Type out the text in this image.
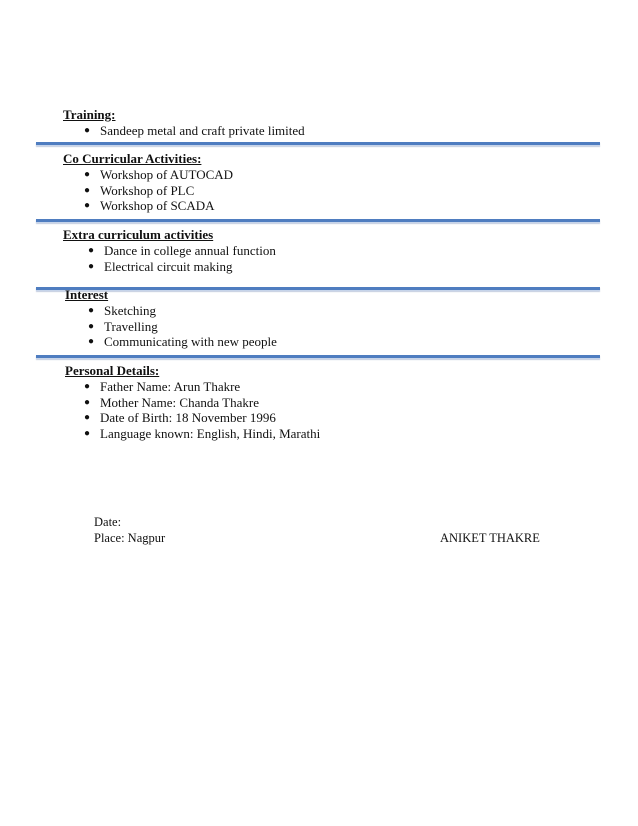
Training:

● Sandeep metal and craft private limited

Co Curricular Activities:

● Workshop of AUTOCAD
● Workshop of PLC
● Workshop of SCADA

Extra curriculum activities

● Dance in college annual function
● Electrical circuit making

Interest

● Sketching
● Travelling
● Communicating with new people

Personal Details:

● Father Name: Arun Thakre
● Mother Name: Chanda Thakre
● Date of Birth: 18 November 1996
● Language known: English, Hindi, Marathi
Date:
Place: Nagpur	ANIKET THAKRE
